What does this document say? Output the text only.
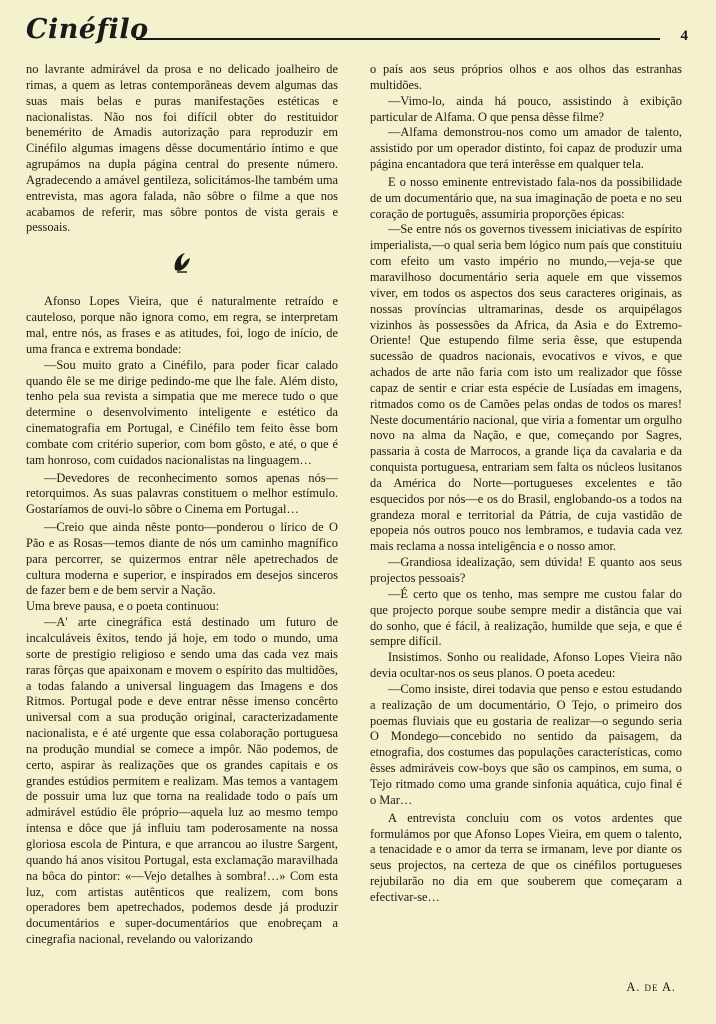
Cinéfilo	4

no lavrante admirável da prosa e no delicado joalheiro de rimas, a quem as letras contemporâneas devem algumas das suas mais belas e puras manifestações estéticas e nacionalistas. Não nos foi difícil obter do restituidor benemérito de Amadis autorização para reproduzir em Cinéfilo algumas imagens dêsse documentário íntimo e que agrupámos na dupla página central do presente número. Agradecendo a amável gentileza, solicitámos-lhe também uma entrevista, mas agora falada, não sôbre o filme a que nos acabamos de referir, mas sôbre pontos de vista gerais e pessoais.

Afonso Lopes Vieira, que é naturalmente retraído e cauteloso, porque não ignora como, em regra, se interpretam mal, entre nós, as frases e as atitudes, foi, logo de início, de uma franca e extrema bondade:

—Sou muito grato a Cinéfilo, para poder ficar calado quando êle se me dirige pedindo-me que lhe fale. Além disto, tenho pela sua revista a simpatia que me merece tudo o que determine o desenvolvimento inteligente e estético da cinematografia em Portugal, e Cinéfilo tem feito êsse bom combate com critério superior, com bom gôsto, e até, o que é tam honroso, com cuidados nacionalistas na linguagem…

—Devedores de reconhecimento somos apenas nós—retorquimos. As suas palavras constituem o melhor estímulo. Gostaríamos de ouvi-lo sôbre o Cinema em Portugal…

—Creio que ainda nêste ponto—ponderou o lírico de O Pão e as Rosas—temos diante de nós um caminho magnífico para percorrer, se quizermos entrar nêle apetrechados de cultura moderna e superior, e inspirados em desejos sinceros de fazer bem e de bem servir a Nação.

Uma breve pausa, e o poeta continuou:

—A' arte cinegráfica está destinado um futuro de incalculáveis êxitos, tendo já hoje, em todo o mundo, uma sorte de prestígio religioso e sendo uma das cada vez mais raras fôrças que apaixonam e movem o espírito das multidões, a todas falando a universal linguagem das Imagens e dos Ritmos. Portugal pode e deve entrar nêsse imenso concêrto universal com a sua produção original, caracterizadamente nacionalista, e é até urgente que essa colaboração portuguesa na produção mundial se comece a impôr. Não podemos, de certo, aspirar às realizações que os grandes capitais e os grandes estúdios permitem e realizam. Mas temos a vantagem de possuir uma luz que torna na realidade todo o país um admirável estúdio êle próprio—aquela luz ao mesmo tempo intensa e dôce que já influiu tam poderosamente na nossa gloriosa escola de Pintura, e que arrancou ao ilustre Sargent, quando há anos visitou Portugal, esta exclamação maravilhada na bôca do pintor: «—Vejo detalhes à sombra!…» Com esta luz, com artistas autênticos que realizem, com bons operadores bem apetrechados, podemos desde já produzir documentários e super-documentários que enobreçam a cinegrafia nacional, revelando ou valorizando

o país aos seus próprios olhos e aos olhos das estranhas multidões.

—Vimo-lo, ainda há pouco, assistindo à exibição particular de Alfama. O que pensa dêsse filme?

—Alfama demonstrou-nos como um amador de talento, assistido por um operador distinto, foi capaz de produzir uma página encantadora que terá interêsse em qualquer tela.

E o nosso eminente entrevistado fala-nos da possibilidade de um documentário que, na sua imaginação de poeta e no seu coração de português, assumiria proporções épicas:

—Se entre nós os governos tivessem iniciativas de espírito imperialista,—o qual seria bem lógico num país que constituiu com efeito um vasto império no mundo,—veja-se que maravilhoso documentário seria aquele em que vissemos viver, em todos os aspectos dos seus caracteres originais, as nossas províncias ultramarinas, desde os arquipélagos vizinhos às possessões da Africa, da Asia e do Extremo-Oriente! Que estupendo filme seria êsse, que estupenda sucessão de quadros nacionais, evocativos e vivos, e que achados de arte não faria com isto um realizador que fôsse capaz de sentir e criar esta espécie de Lusíadas em imagens, ritmados como os de Camões pelas ondas de todos os mares! Neste documentário nacional, que viria a fomentar um orgulho novo na alma da Nação, e que, começando por Sagres, passaria à costa de Marrocos, a grande liça da cavalaria e da conquista portuguesa, entrariam sem falta os núcleos lusitanos da América do Norte—portugueses excelentes e tão esquecidos por nós—e os do Brasil, englobando-os a todos na grandeza moral e territorial da Pátria, de cuja vastidão de epopeia nós outros pouco nos lembramos, e tudavia cada vez mais reclama a nossa inteligência e o nosso amor.

—Grandiosa idealização, sem dúvida! E quanto aos seus projectos pessoais?

—É certo que os tenho, mas sempre me custou falar do que projecto porque soube sempre medir a distância que vai do sonho, que é fácil, à realização, humilde que seja, e que é sempre difícil.

Insistimos. Sonho ou realidade, Afonso Lopes Vieira não devia ocultar-nos os seus planos. O poeta acedeu:

—Como insiste, direi todavia que penso e estou estudando a realização de um documentário, O Tejo, o primeiro dos poemas fluviais que eu gostaria de realizar—o segundo seria O Mondego—concebido no sentido da paisagem, da etnografia, dos costumes das populações características, como êsses admiráveis cow-boys que são os campinos, em suma, o Tejo ritmado como uma grande sinfonia aquática, cujo final é o Mar…

A entrevista concluiu com os votos ardentes que formulámos por que Afonso Lopes Vieira, em quem o talento, a tenacidade e o amor da terra se irmanam, leve por diante os seus projectos, na certeza de que os cinéfilos portugueses rejubilarão no dia em que souberem que começaram a efectivar-se…

A. de A.
